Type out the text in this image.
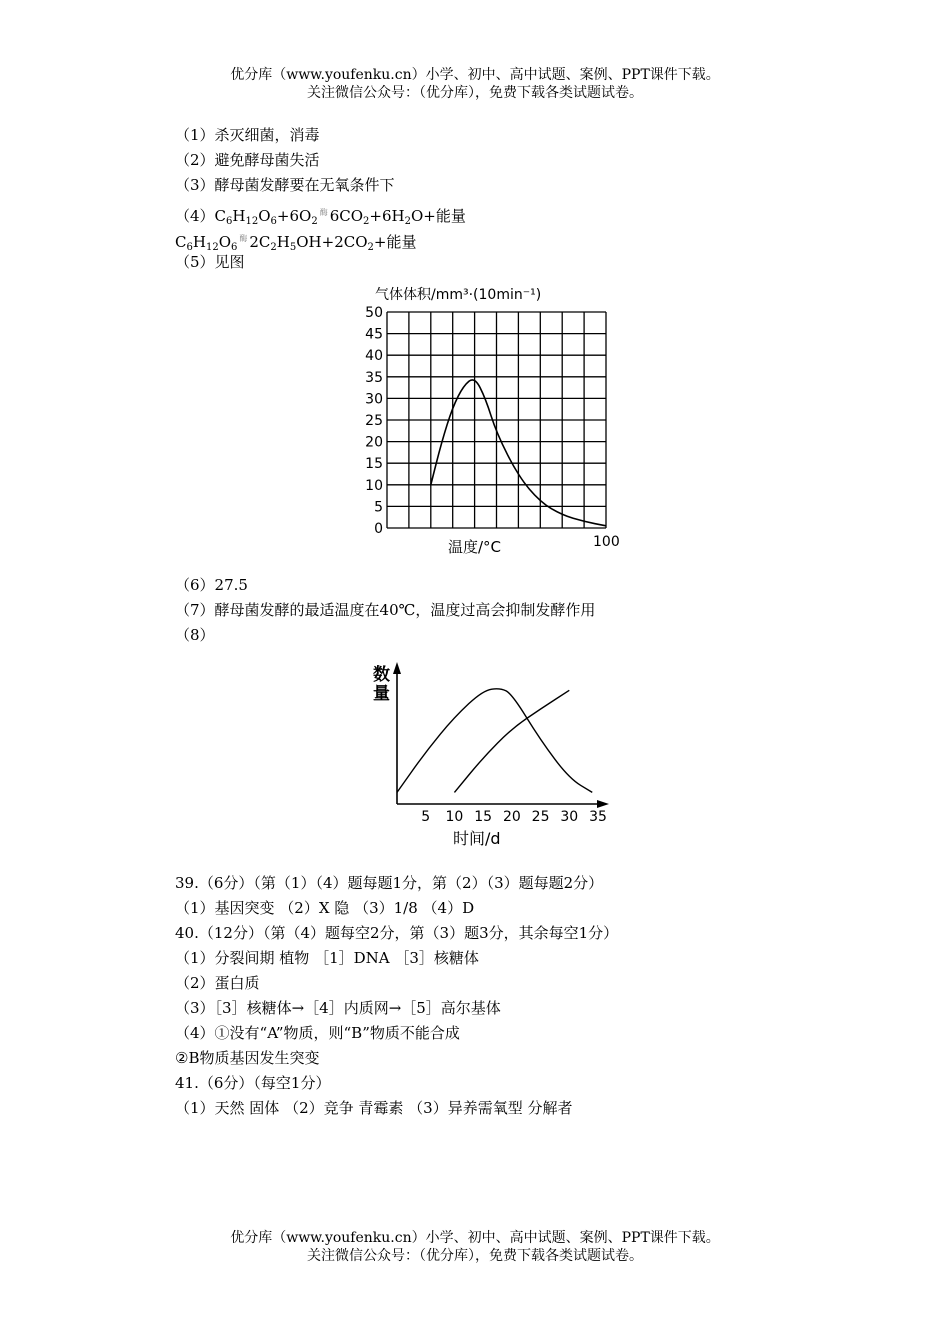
优分库（www.youfenku.cn）小学、初中、高中试题、案例、PPT课件下载。
关注微信公众号：（优分库），免费下载各类试题试卷。
（1）杀灭细菌，消毒
（2）避免酵母菌失活
（3）酵母菌发酵要在无氧条件下
$(4)C_6H_{12}O_6+6O_2^酶$ $6CO_2+6H_2O+$能量
$C_6H_{12}O_6^酶$ $2C_2H_5OH+2CO_2+$能量
（5）见图
气体体积/mm³·(10min⁻¹)
0
5
10
15
20
25
30
35
40
45
50
温度/°C	100
（6）27.5
（7）酵母菌发酵的最适温度在40℃，温度过高会抑制发酵作用
（8）
数量
5 10 15 20 25 30 35
时间/d
39.（6分）（第（1）（4）题每题1分，第（2）（3）题每题2分）
（1）基因突变 （2）X 隐 （3）1/8 （4）D
40.（12分）（第（4）题每空2分，第（3）题3分，其余每空1分）
（1）分裂间期 植物 ［1］DNA ［3］核糖体
（2）蛋白质
（3）［3］核糖体→［4］内质网→［5］高尔基体
（4）①没有“A”物质，则“B”物质不能合成
②B物质基因发生突变
41.（6分）（每空1分）
（1）天然 固体 （2）竞争 青霉素 （3）异养需氧型 分解者
优分库（www.youfenku.cn）小学、初中、高中试题、案例、PPT课件下载。
关注微信公众号：（优分库），免费下载各类试题试卷。
